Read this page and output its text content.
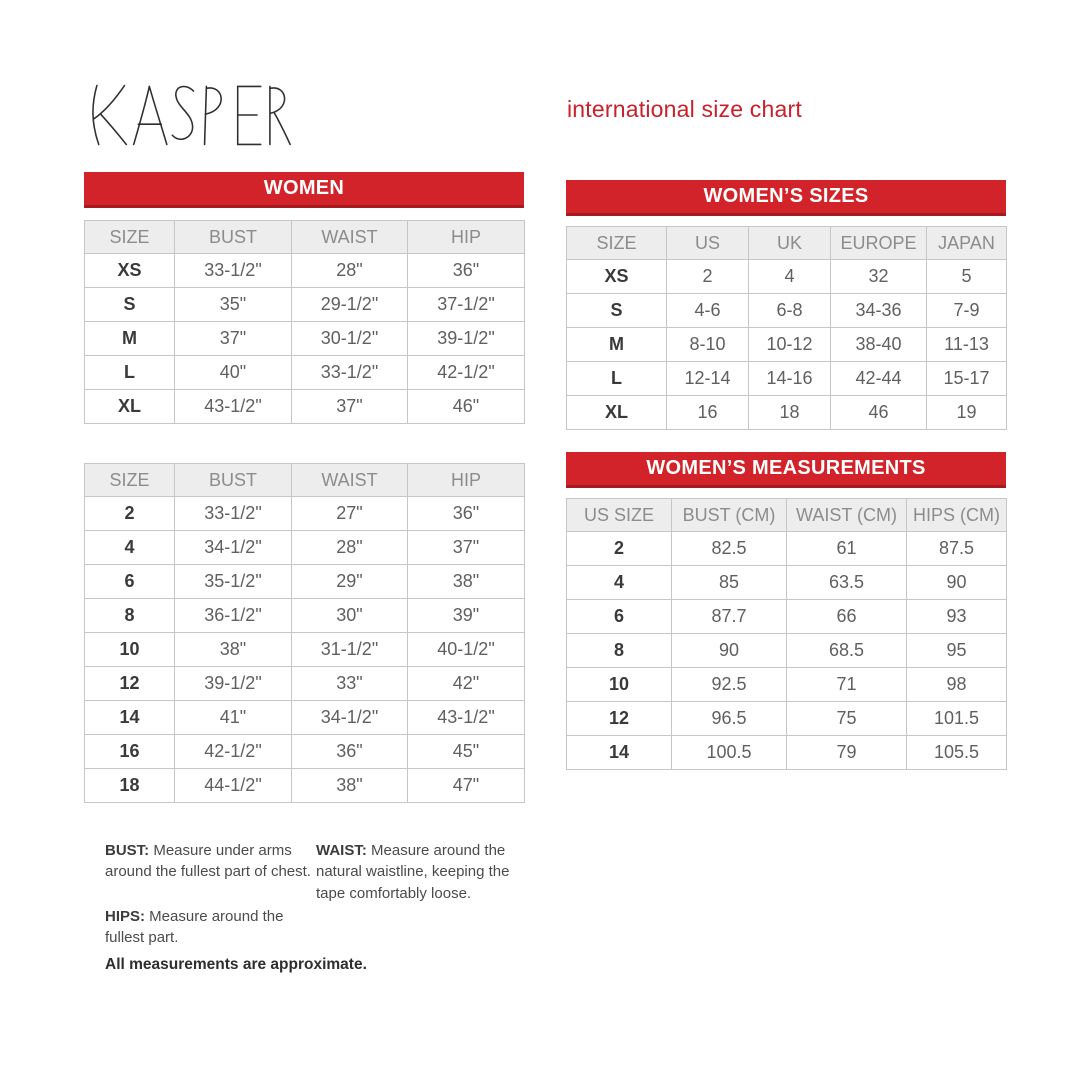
international size chart
WOMEN	WOMEN’S SIZES
WOMEN’S MEASUREMENTS
SIZE	BUST	WAIST	HIP
XS	33-1/2"	28"	36"
S	35"	29-1/2"	37-1/2"
M	37"	30-1/2"	39-1/2"
L	40"	33-1/2"	42-1/2"
XL	43-1/2"	37"	46"
SIZE	BUST	WAIST	HIP
2	33-1/2"	27"	36"
4	34-1/2"	28"	37"
6	35-1/2"	29"	38"
8	36-1/2"	30"	39"
10	38"	31-1/2"	40-1/2"
12	39-1/2"	33"	42"
14	41"	34-1/2"	43-1/2"
16	42-1/2"	36"	45"
18	44-1/2"	38"	47"
SIZE	US	UK	EUROPE	JAPAN
XS	2	4	32	5
S	4-6	6-8	34-36	7-9
M	8-10	10-12	38-40	11-13
L	12-14	14-16	42-44	15-17
XL	16	18	46	19
US SIZE	BUST (CM)	WAIST (CM)	HIPS (CM)
2	82.5	61	87.5
4	85	63.5	90
6	87.7	66	93
8	90	68.5	95
10	92.5	71	98
12	96.5	75	101.5
14	100.5	79	105.5
BUST: Measure under arms around the fullest part of chest.
WAIST: Measure around the natural waistline, keeping the tape comfortably loose.
HIPS: Measure around the fullest part.
All measurements are approximate.
